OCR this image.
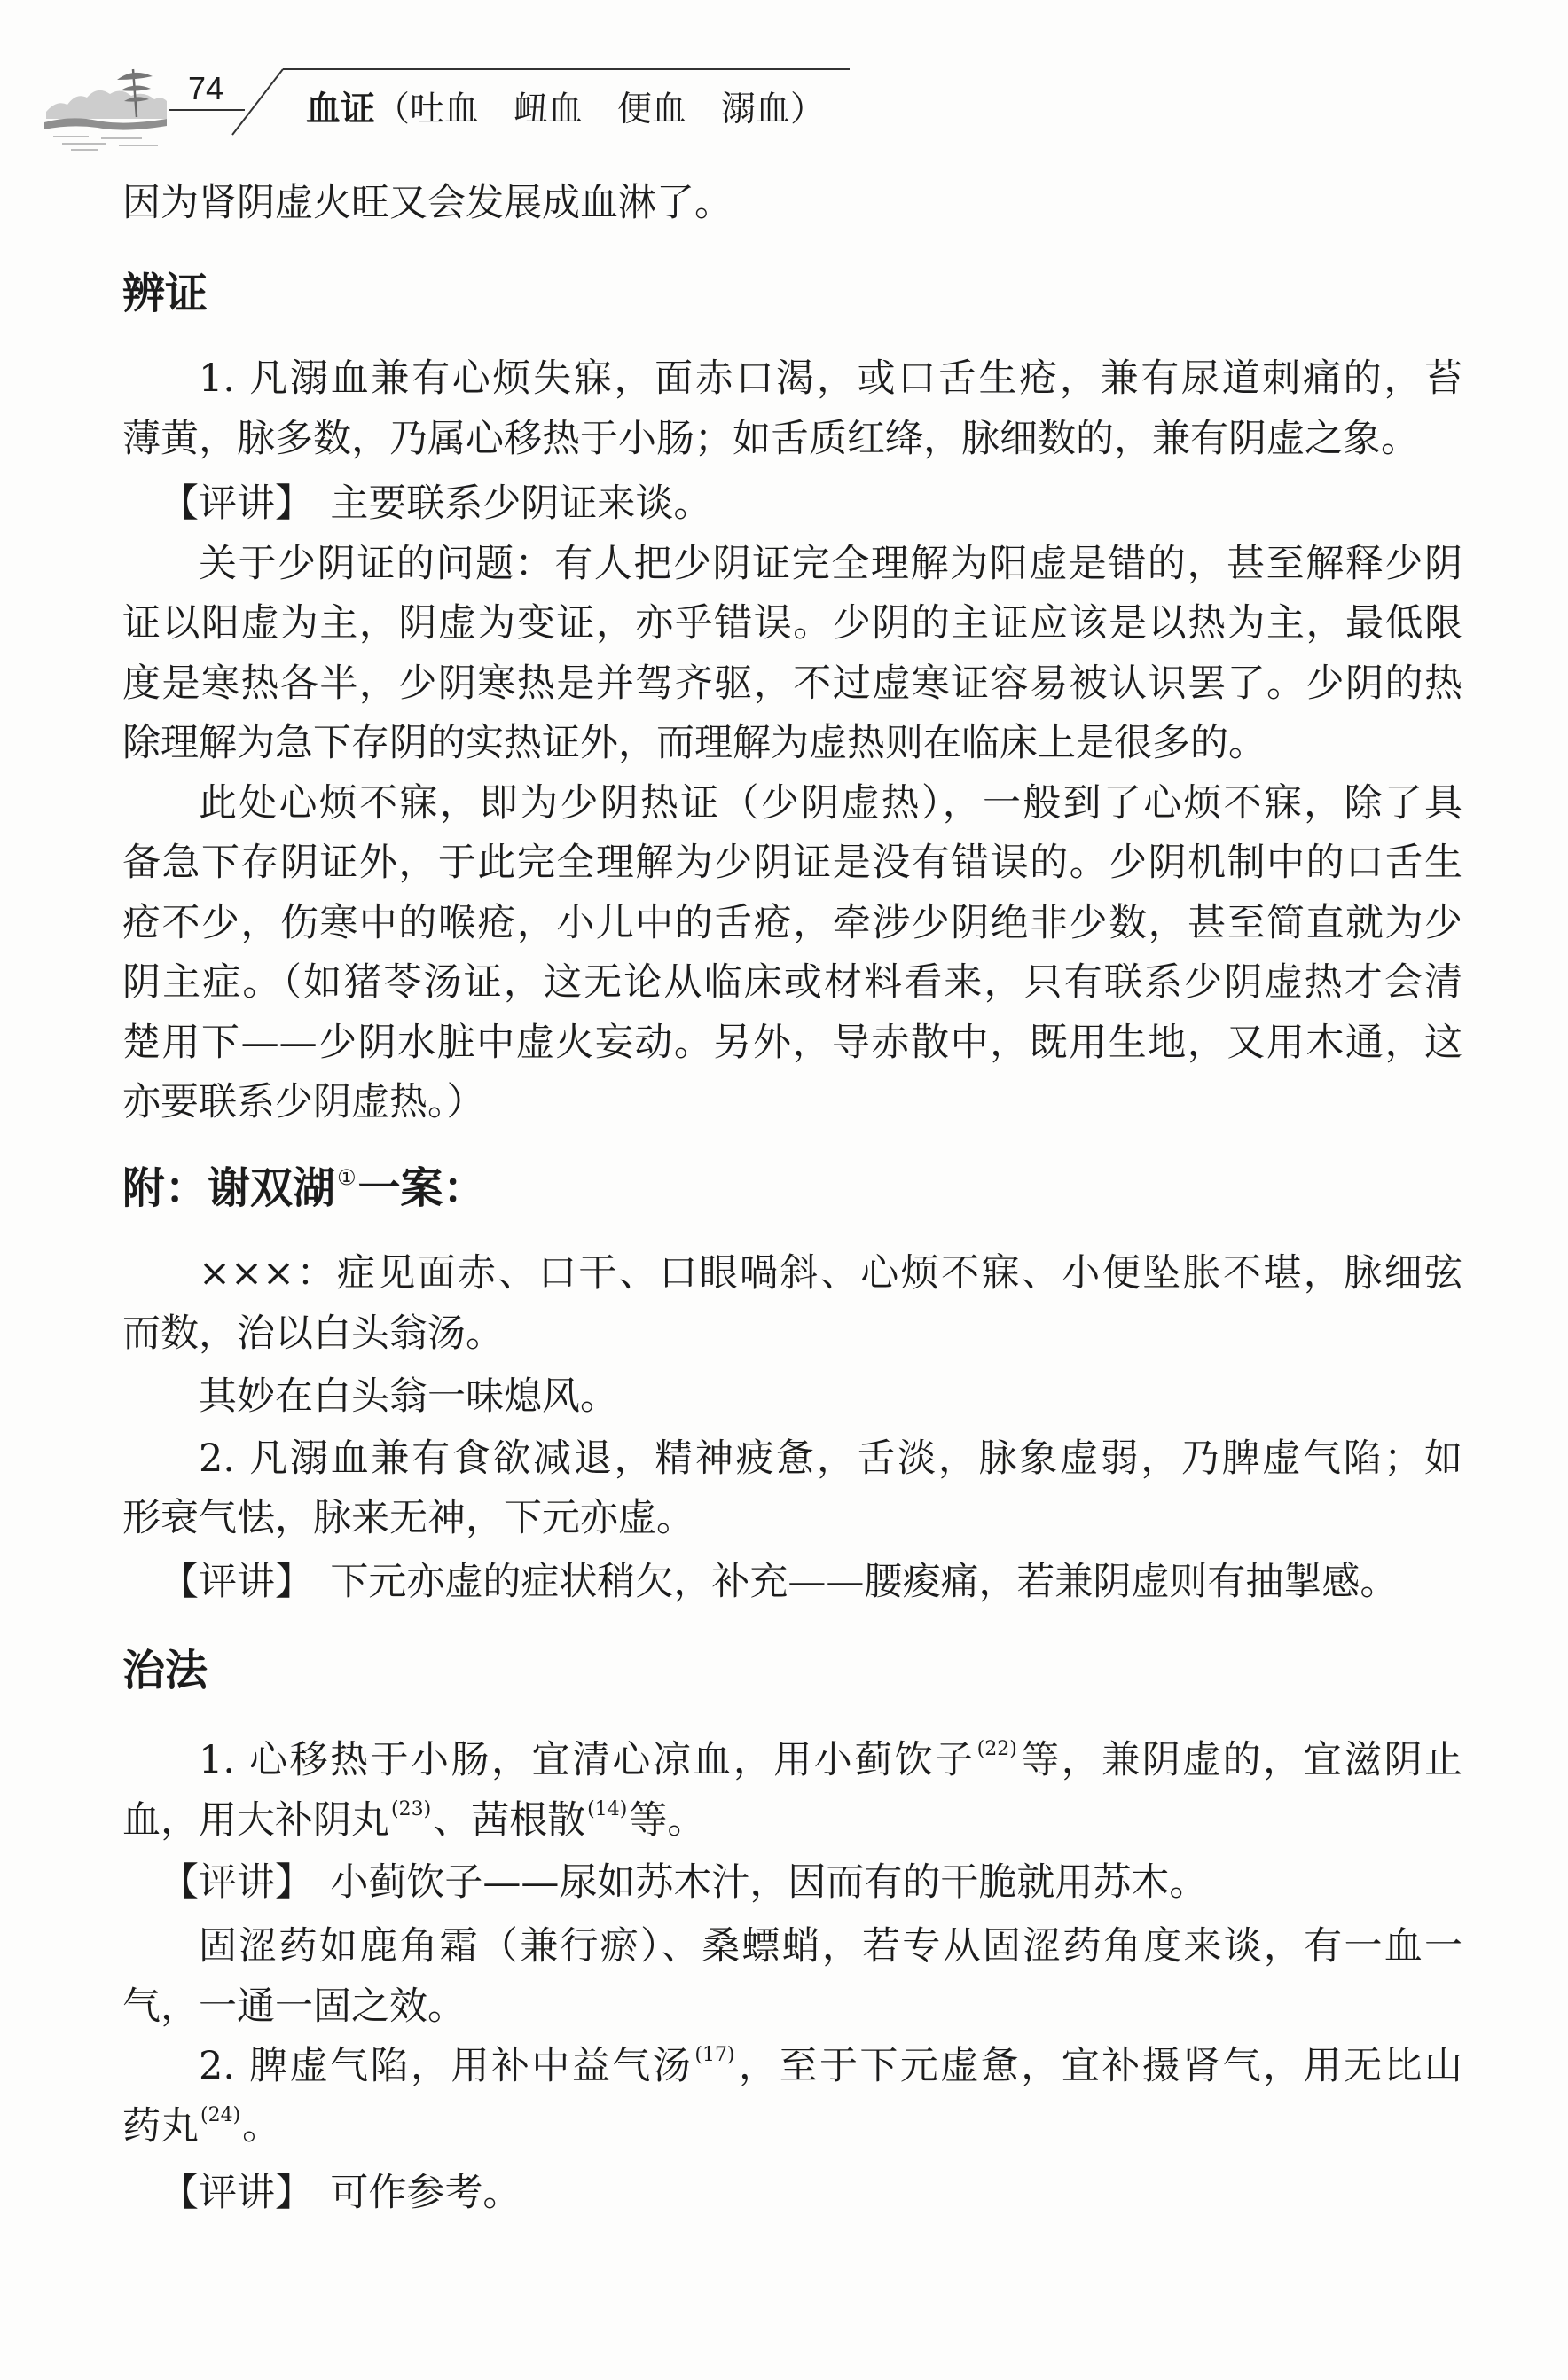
74
血证（吐血　衄血　便血　溺血）
因为肾阴虚火旺又会发展成血淋了。
辨证
1. 凡溺血兼有心烦失寐，面赤口渴，或口舌生疮，兼有尿道刺痛的，苔
薄黄，脉多数，乃属心移热于小肠；如舌质红绛，脉细数的，兼有阴虚之象。
【评讲】 主要联系少阴证来谈。
关于少阴证的问题：有人把少阴证完全理解为阳虚是错的，甚至解释少阴
证以阳虚为主，阴虚为变证，亦乎错误。少阴的主证应该是以热为主，最低限
度是寒热各半，少阴寒热是并驾齐驱，不过虚寒证容易被认识罢了。少阴的热
除理解为急下存阴的实热证外，而理解为虚热则在临床上是很多的。
此处心烦不寐，即为少阴热证（少阴虚热），一般到了心烦不寐，除了具
备急下存阴证外，于此完全理解为少阴证是没有错误的。少阴机制中的口舌生
疮不少，伤寒中的喉疮，小儿中的舌疮，牵涉少阴绝非少数，甚至简直就为少
阴主症。（如猪苓汤证，这无论从临床或材料看来，只有联系少阴虚热才会清
楚用下——少阴水脏中虚火妄动。另外，导赤散中，既用生地，又用木通，这
亦要联系少阴虚热。）
附：谢双湖①一案：
×××：症见面赤、口干、口眼喎斜、心烦不寐、小便坠胀不堪，脉细弦
而数，治以白头翁汤。
其妙在白头翁一味熄风。
2. 凡溺血兼有食欲减退，精神疲惫，舌淡，脉象虚弱，乃脾虚气陷；如
形衰气怯，脉来无神，下元亦虚。
【评讲】 下元亦虚的症状稍欠，补充——腰痠痛，若兼阴虚则有抽掣感。
治法
1. 心移热于小肠，宜清心凉血，用小蓟饮子$^{(22)}$等，兼阴虚的，宜滋阴止
血，用大补阴丸$^{(23)}$、茜根散$^{(14)}$等。
【评讲】 小蓟饮子——尿如苏木汁，因而有的干脆就用苏木。
固涩药如鹿角霜（兼行瘀）、桑螵蛸，若专从固涩药角度来谈，有一血一
气，一通一固之效。
2. 脾虚气陷，用补中益气汤$^{(17)}$，至于下元虚惫，宜补摄肾气，用无比山
药丸$^{(24)}$。
【评讲】 可作参考。
